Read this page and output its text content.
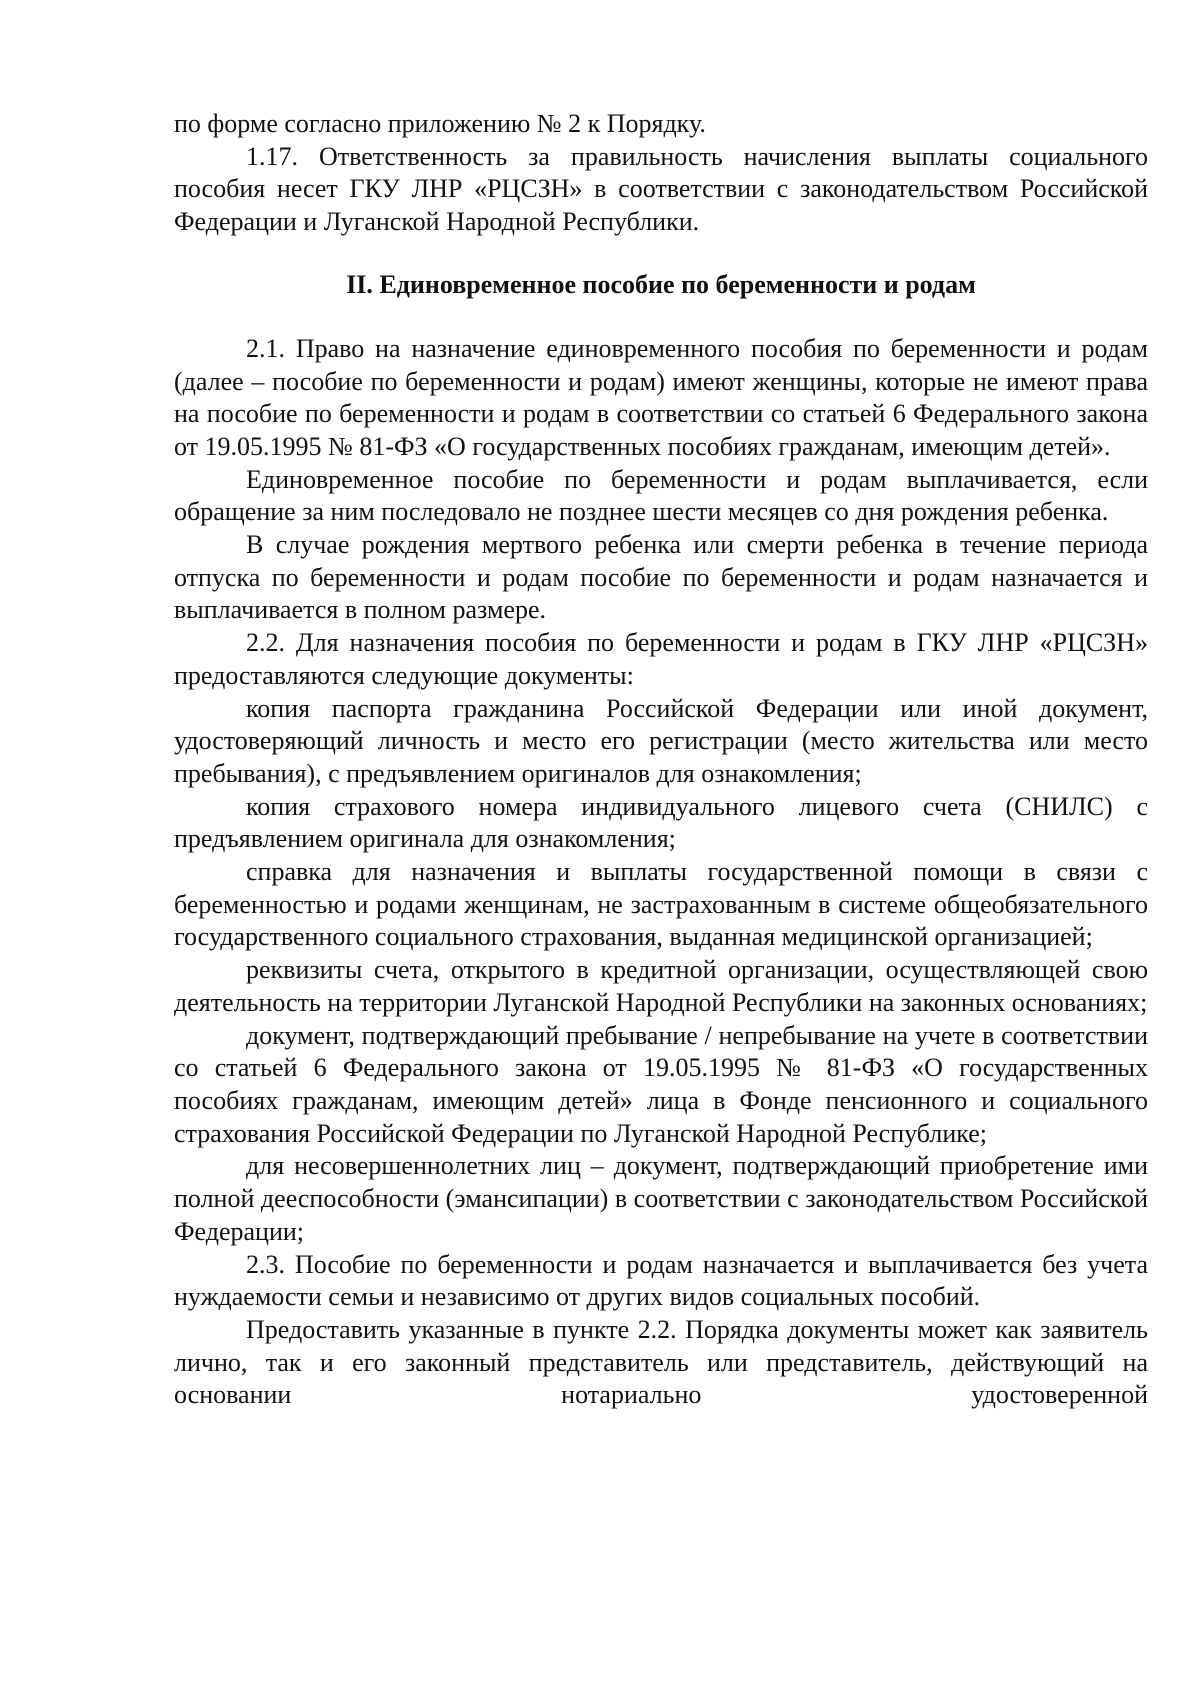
по форме согласно приложению № 2 к Порядку.

1.17. Ответственность за правильность начисления выплаты социального пособия несет ГКУ ЛНР «РЦСЗН» в соответствии с законодательством Российской Федерации и Луганской Народной Республики.

II. Единовременное пособие по беременности и родам

2.1. Право на назначение единовременного пособия по беременности и родам (далее – пособие по беременности и родам) имеют женщины, которые не имеют права на пособие по беременности и родам в соответствии со статьей 6 Федерального закона от 19.05.1995 № 81-ФЗ «О государственных пособиях гражданам, имеющим детей».

Единовременное пособие по беременности и родам выплачивается, если обращение за ним последовало не позднее шести месяцев со дня рождения ребенка.

В случае рождения мертвого ребенка или смерти ребенка в течение периода отпуска по беременности и родам пособие по беременности и родам назначается и выплачивается в полном размере.

2.2. Для назначения пособия по беременности и родам в ГКУ ЛНР «РЦСЗН» предоставляются следующие документы:

копия паспорта гражданина Российской Федерации или иной документ, удостоверяющий личность и место его регистрации (место жительства или место пребывания), с предъявлением оригиналов для ознакомления;

копия страхового номера индивидуального лицевого счета (СНИЛС) с предъявлением оригинала для ознакомления;

справка для назначения и выплаты государственной помощи в связи с беременностью и родами женщинам, не застрахованным в системе общеобязательного государственного социального страхования, выданная медицинской организацией;

реквизиты счета, открытого в кредитной организации, осуществляющей свою деятельность на территории Луганской Народной Республики на законных основаниях;

документ, подтверждающий пребывание / непребывание на учете в соответствии со статьей 6 Федерального закона от 19.05.1995 № 81-ФЗ «О государственных пособиях гражданам, имеющим детей» лица в Фонде пенсионного и социального страхования Российской Федерации по Луганской Народной Республике;

для несовершеннолетних лиц – документ, подтверждающий приобретение ими полной дееспособности (эмансипации) в соответствии с законодательством Российской Федерации;

2.3. Пособие по беременности и родам назначается и выплачивается без учета нуждаемости семьи и независимо от других видов социальных пособий.

Предоставить указанные в пункте 2.2. Порядка документы может как заявитель лично, так и его законный представитель или представитель, действующий на основании нотариально удостоверенной
